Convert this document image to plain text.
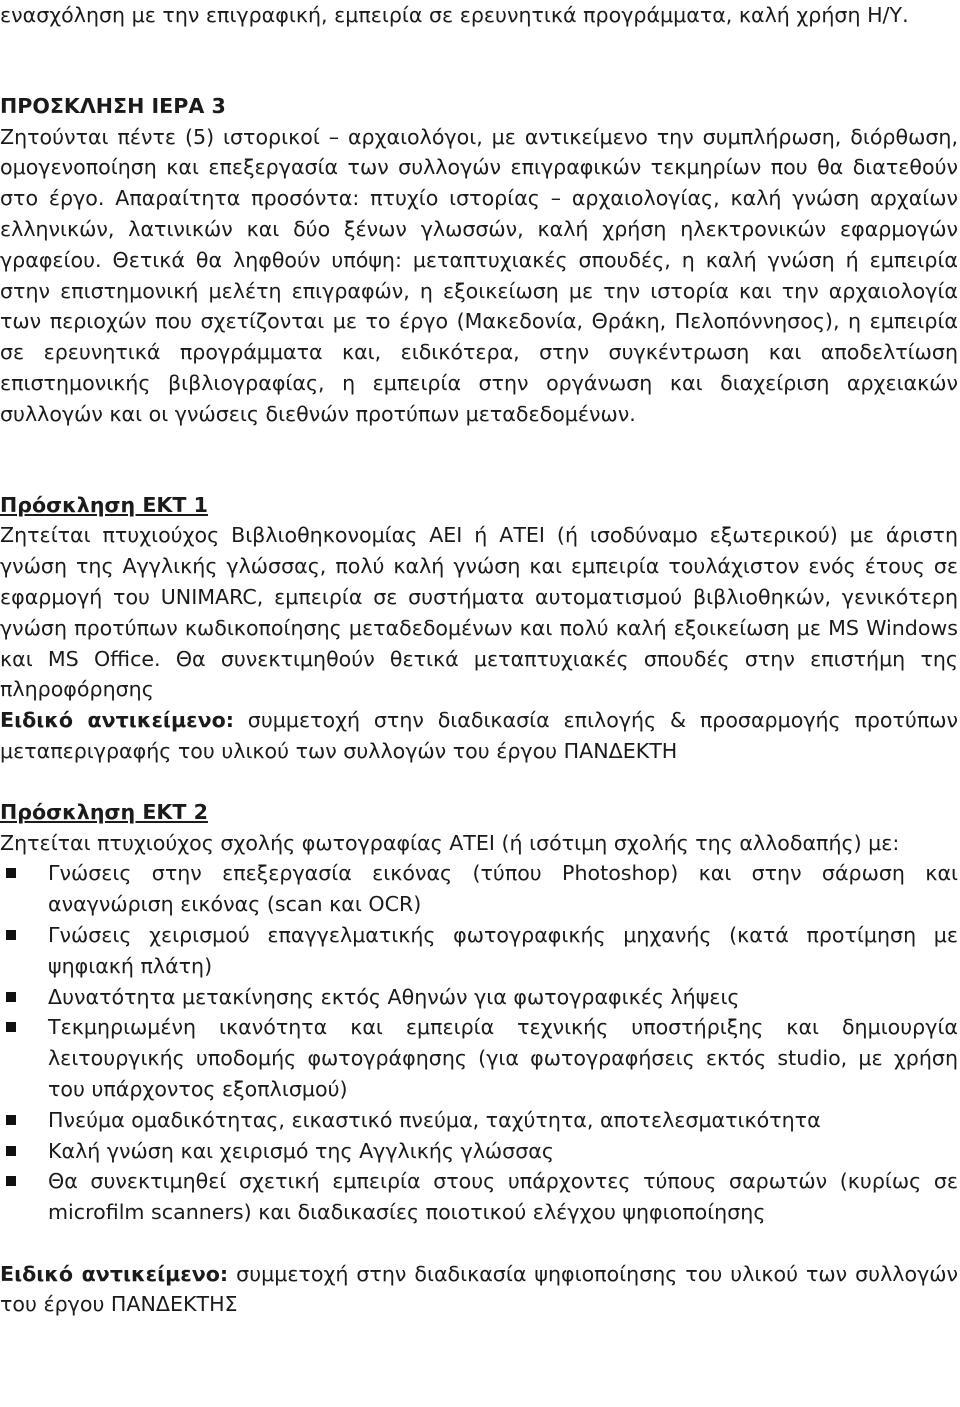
ενασχόληση με την επιγραφική, εμπειρία σε ερευνητικά προγράμματα, καλή χρήση Η/Υ.

ΠΡΟΣΚΛΗΣΗ ΙΕΡΑ 3

Ζητούνται πέντε (5) ιστορικοί – αρχαιολόγοι, με αντικείμενο την συμπλήρωση, διόρθωση, ομογενοποίηση και επεξεργασία των συλλογών επιγραφικών τεκμηρίων που θα διατεθούν στο έργο. Απαραίτητα προσόντα: πτυχίο ιστορίας – αρχαιολογίας, καλή γνώση αρχαίων ελληνικών, λατινικών και δύο ξένων γλωσσών, καλή χρήση ηλεκτρονικών εφαρμογών γραφείου. Θετικά θα ληφθούν υπόψη: μεταπτυχιακές σπουδές, η καλή γνώση ή εμπειρία στην επιστημονική μελέτη επιγραφών, η εξοικείωση με την ιστορία και την αρχαιολογία των περιοχών που σχετίζονται με το έργο (Μακεδονία, Θράκη, Πελοπόννησος), η εμπειρία σε ερευνητικά προγράμματα και, ειδικότερα, στην συγκέντρωση και αποδελτίωση επιστημονικής βιβλιογραφίας, η εμπειρία στην οργάνωση και διαχείριση αρχειακών συλλογών και οι γνώσεις διεθνών προτύπων μεταδεδομένων.

Πρόσκληση ΕΚΤ 1

Ζητείται πτυχιούχος Βιβλιοθηκονομίας ΑΕΙ ή ΑΤΕΙ (ή ισοδύναμο εξωτερικού) με άριστη γνώση της Αγγλικής γλώσσας, πολύ καλή γνώση και εμπειρία τουλάχιστον ενός έτους σε εφαρμογή του UNIMARC, εμπειρία σε συστήματα αυτοματισμού βιβλιοθηκών, γενικότερη γνώση προτύπων κωδικοποίησης μεταδεδομένων και πολύ καλή εξοικείωση με MS Windows και MS Office. Θα συνεκτιμηθούν θετικά μεταπτυχιακές σπουδές στην επιστήμη της πληροφόρησης

Ειδικό αντικείμενο: συμμετοχή στην διαδικασία επιλογής & προσαρμογής προτύπων μεταπεριγραφής του υλικού των συλλογών του έργου ΠΑΝΔΕΚΤΗ

Πρόσκληση ΕΚΤ 2

Ζητείται πτυχιούχος σχολής φωτογραφίας ΑΤΕΙ (ή ισότιμη σχολής της αλλοδαπής) με:

Γνώσεις στην επεξεργασία εικόνας (τύπου Photoshop) και στην σάρωση και αναγνώριση εικόνας (scan και OCR)
Γνώσεις χειρισμού επαγγελματικής φωτογραφικής μηχανής (κατά προτίμηση με ψηφιακή πλάτη)
Δυνατότητα μετακίνησης εκτός Αθηνών για φωτογραφικές λήψεις
Τεκμηριωμένη ικανότητα και εμπειρία τεχνικής υποστήριξης και δημιουργία λειτουργικής υποδομής φωτογράφησης (για φωτογραφήσεις εκτός studio, με χρήση του υπάρχοντος εξοπλισμού)
Πνεύμα ομαδικότητας, εικαστικό πνεύμα, ταχύτητα, αποτελεσματικότητα
Καλή γνώση και χειρισμό της Αγγλικής γλώσσας
Θα συνεκτιμηθεί σχετική εμπειρία στους υπάρχοντες τύπους σαρωτών (κυρίως σε microfilm scanners) και διαδικασίες ποιοτικού ελέγχου ψηφιοποίησης

Ειδικό αντικείμενο: συμμετοχή στην διαδικασία ψηφιοποίησης του υλικού των συλλογών του έργου ΠΑΝΔΕΚΤΗΣ
